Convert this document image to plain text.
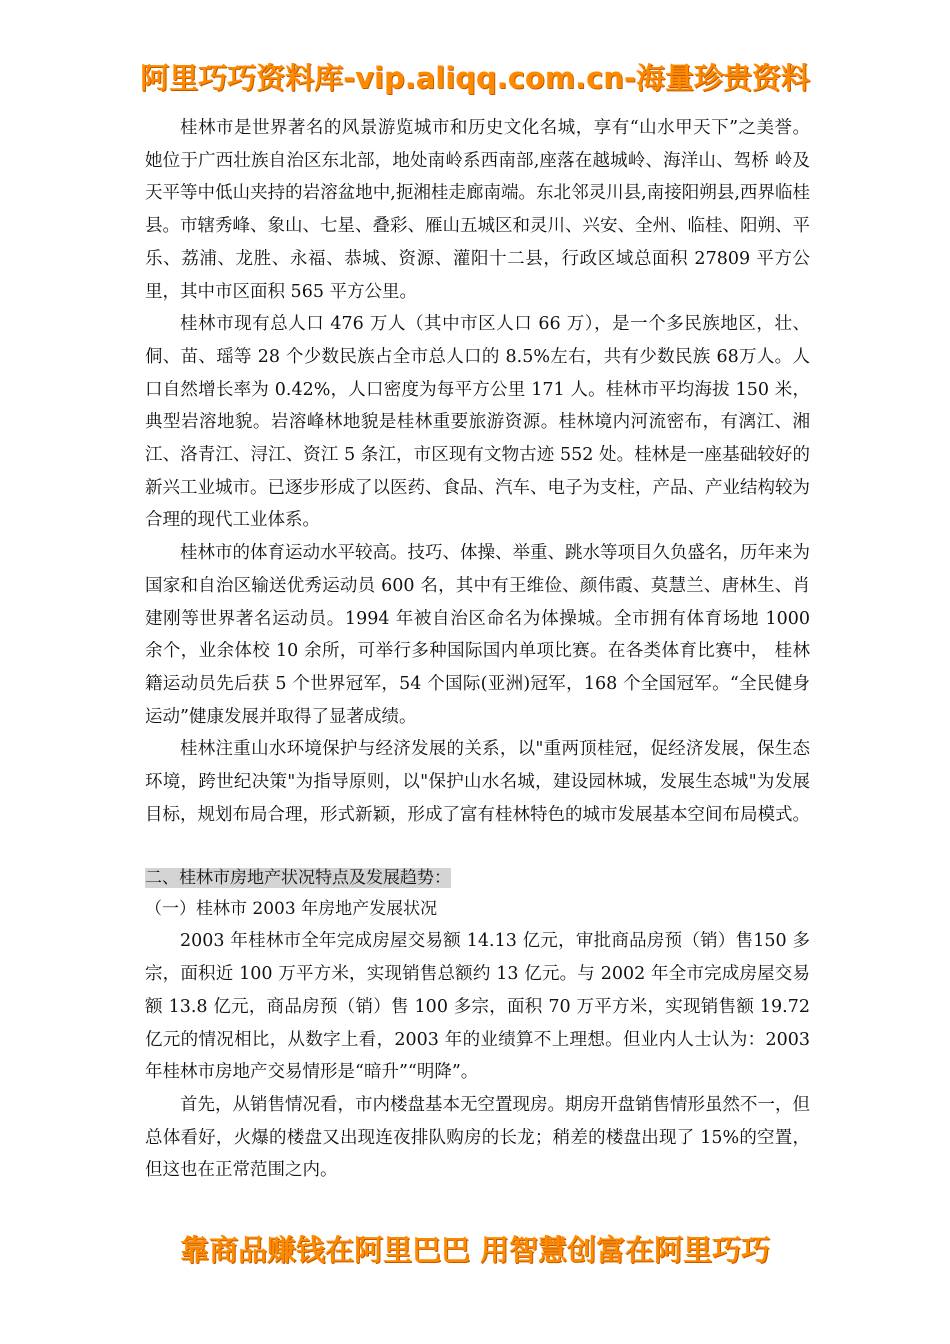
阿里巧巧资料库-vip.aliqq.com.cn-海量珍贵资料

桂林市是世界著名的风景游览城市和历史文化名城，享有“山水甲天下”之美誉。她位于广西壮族自治区东北部，地处南岭系西南部,座落在越城岭、海洋山、驾桥 岭及天平等中低山夹持的岩溶盆地中,扼湘桂走廊南端。东北邻灵川县,南接阳朔县,西界临桂县。市辖秀峰、象山、七星、叠彩、雁山五城区和灵川、兴安、全州、临桂、阳朔、平乐、荔浦、龙胜、永福、恭城、资源、灌阳十二县，行政区域总面积 27809 平方公里，其中市区面积 565 平方公里。

桂林市现有总人口 476 万人（其中市区人口 66 万），是一个多民族地区，壮、侗、苗、瑶等 28 个少数民族占全市总人口的 8.5%左右，共有少数民族 68万人。人口自然增长率为 0.42%，人口密度为每平方公里 171 人。桂林市平均海拔 150 米，典型岩溶地貌。岩溶峰林地貌是桂林重要旅游资源。桂林境内河流密布，有漓江、湘江、洛青江、浔江、资江 5 条江，市区现有文物古迹 552 处。桂林是一座基础较好的新兴工业城市。已逐步形成了以医药、食品、汽车、电子为支柱，产品、产业结构较为合理的现代工业体系。

桂林市的体育运动水平较高。技巧、体操、举重、跳水等项目久负盛名，历年来为国家和自治区输送优秀运动员 600 名，其中有王维俭、颜伟霞、莫慧兰、唐林生、肖建刚等世界著名运动员。1994 年被自治区命名为体操城。全市拥有体育场地 1000 余个，业余体校 10 余所，可举行多种国际国内单项比赛。在各类体育比赛中， 桂林籍运动员先后获 5 个世界冠军，54 个国际(亚洲)冠军，168 个全国冠军。“全民健身运动”健康发展并取得了显著成绩。

桂林注重山水环境保护与经济发展的关系，以"重两顶桂冠，促经济发展，保生态环境，跨世纪决策"为指导原则，以"保护山水名城，建设园林城，发展生态城"为发展目标，规划布局合理，形式新颖，形成了富有桂林特色的城市发展基本空间布局模式。

二、桂林市房地产状况特点及发展趋势：

（一）桂林市 2003 年房地产发展状况

2003 年桂林市全年完成房屋交易额 14.13 亿元，审批商品房预（销）售150 多宗，面积近 100 万平方米，实现销售总额约 13 亿元。与 2002 年全市完成房屋交易额 13.8 亿元，商品房预（销）售 100 多宗，面积 70 万平方米，实现销售额 19.72 亿元的情况相比，从数字上看，2003 年的业绩算不上理想。但业内人士认为：2003 年桂林市房地产交易情形是“暗升”“明降”。

首先，从销售情况看，市内楼盘基本无空置现房。期房开盘销售情形虽然不一，但总体看好，火爆的楼盘又出现连夜排队购房的长龙；稍差的楼盘出现了 15%的空置，但这也在正常范围之内。

靠商品赚钱在阿里巴巴 用智慧创富在阿里巧巧
